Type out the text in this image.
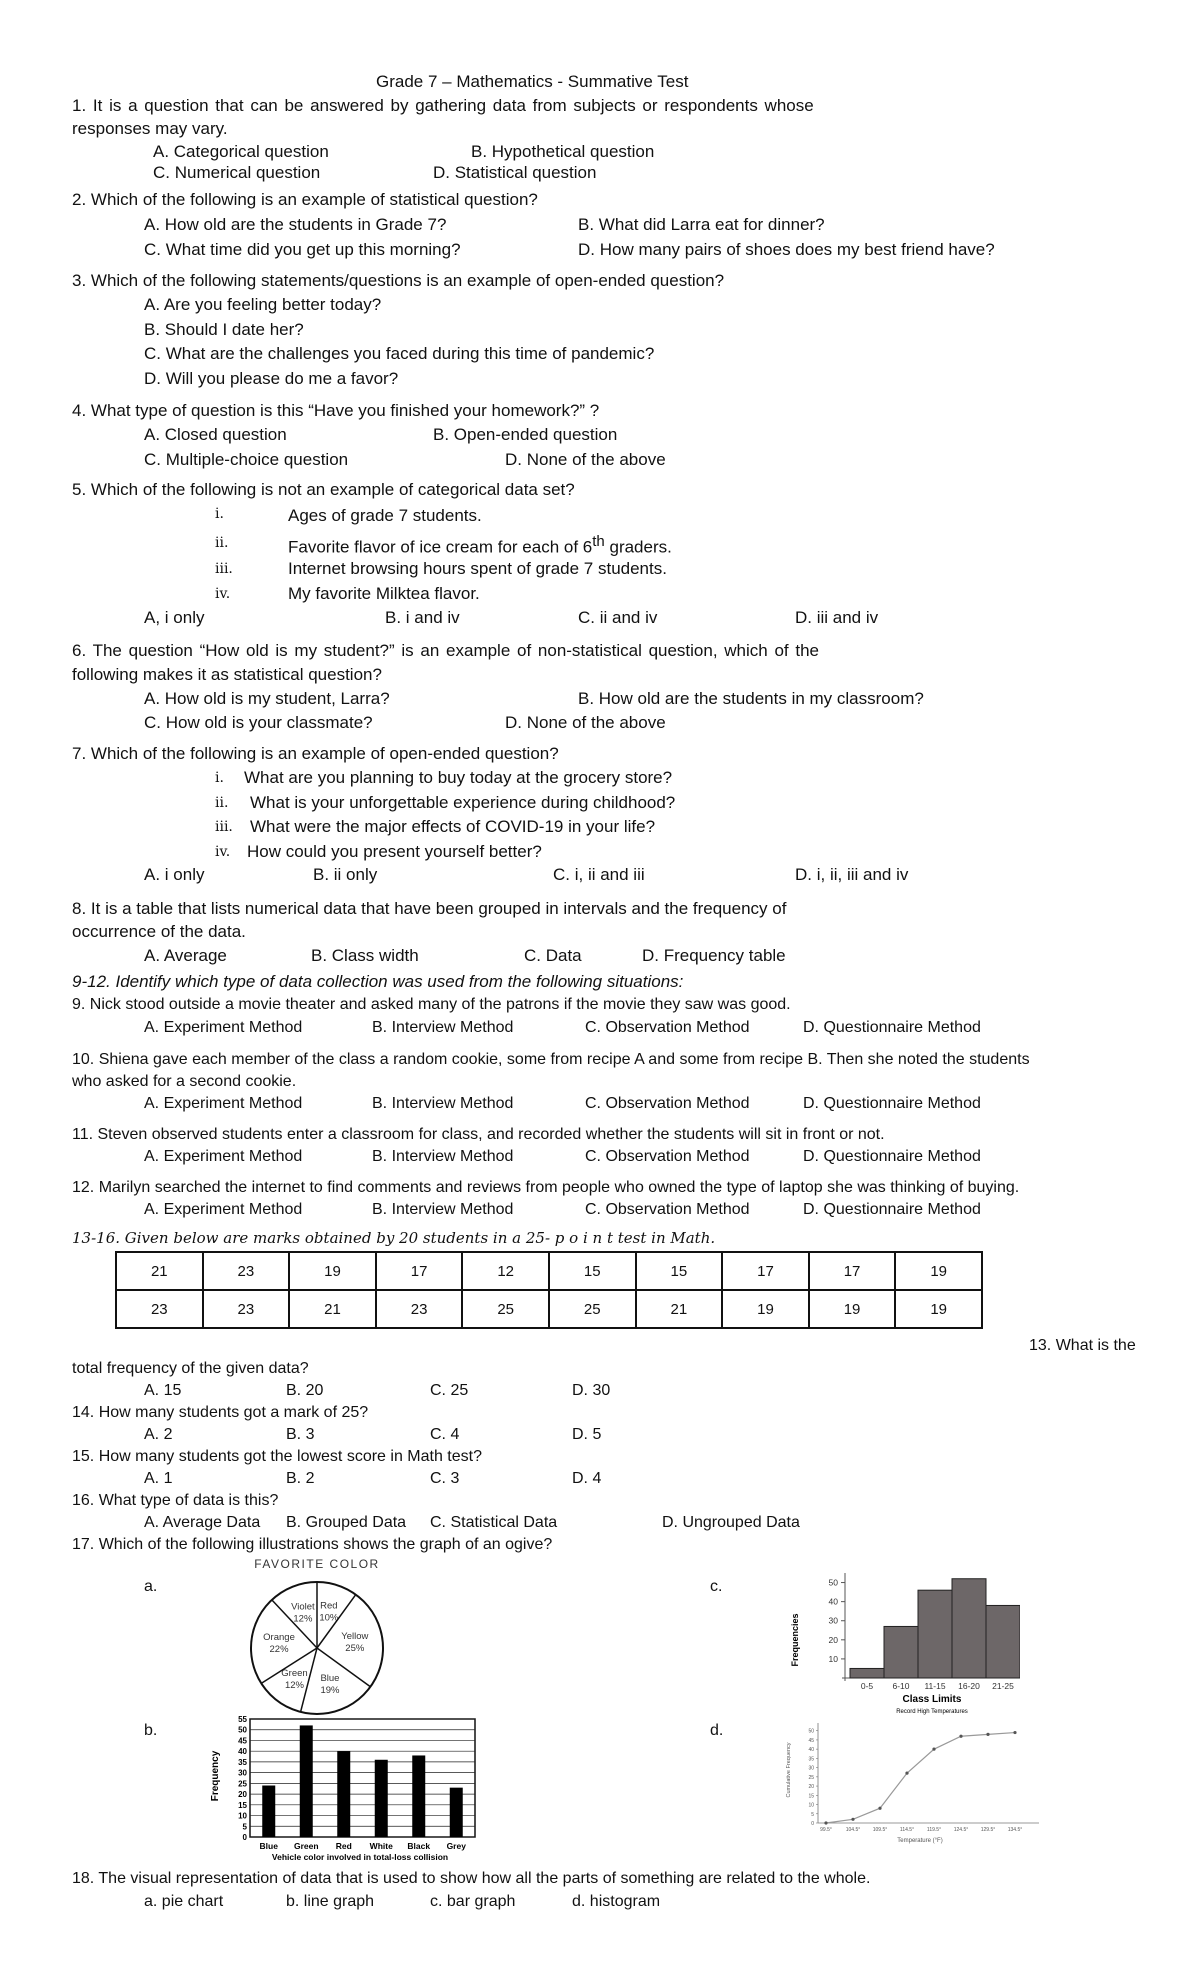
Grade 7 – Mathematics - Summative Test
1. It is a question that can be answered by gathering data from subjects or respondents whose
responses may vary.
A. Categorical question	B. Hypothetical question
C. Numerical question	D. Statistical question
2. Which of the following is an example of statistical question?
A. How old are the students in Grade 7?	B. What did Larra eat for dinner?
C. What time did you get up this morning?	D. How many pairs of shoes does my best friend have?
3. Which of the following statements/questions is an example of open-ended question?
A. Are you feeling better today?
B. Should I date her?
C. What are the challenges you faced during this time of pandemic?
D. Will you please do me a favor?
4. What type of question is this “Have you finished your homework?” ?
A. Closed question	B. Open-ended question
C. Multiple-choice question	D. None of the above
5. Which of the following is not an example of categorical data set?
i.	Ages of grade 7 students.
ii.	Favorite flavor of ice cream for each of 6th graders.
iii.	Internet browsing hours spent of grade 7 students.
iv.	My favorite Milktea flavor.
A, i only	B. i and iv	C. ii and iv	D. iii and iv
6. The question “How old is my student?” is an example of non-statistical question, which of the
following makes it as statistical question?
A. How old is my student, Larra?	B. How old are the students in my classroom?
C. How old is your classmate?	D. None of the above
7. Which of the following is an example of open-ended question?
i. What are you planning to buy today at the grocery store?
ii. What is your unforgettable experience during childhood?
iii. What were the major effects of COVID-19 in your life?
iv. How could you present yourself better?
A. i only	B. ii only	C. i, ii and iii	D. i, ii, iii and iv
8. It is a table that lists numerical data that have been grouped in intervals and the frequency of
occurrence of the data.
A. Average	B. Class width	C. Data	D. Frequency table
9-12. Identify which type of data collection was used from the following situations:
9. Nick stood outside a movie theater and asked many of the patrons if the movie they saw was good.
A. Experiment Method	B. Interview Method	C. Observation Method	D. Questionnaire Method
10. Shiena gave each member of the class a random cookie, some from recipe A and some from recipe B. Then she noted the students
who asked for a second cookie.
A. Experiment Method	B. Interview Method	C. Observation Method	D. Questionnaire Method
11. Steven observed students enter a classroom for class, and recorded whether the students will sit in front or not.
A. Experiment Method	B. Interview Method	C. Observation Method	D. Questionnaire Method
12. Marilyn searched the internet to find comments and reviews from people who owned the type of laptop she was thinking of buying.
A. Experiment Method	B. Interview Method	C. Observation Method	D. Questionnaire Method
13-16. Given below are marks obtained by 20 students in a 25- p o i n t test in Math.
21	23	19	17	12	15	15	17	17	19
23	23	21	23	25	25	21	19	19	19
13. What is the
total frequency of the given data?
A. 15	B. 20	C. 25	D. 30
14. How many students got a mark of 25?
A. 2	B. 3	C. 4	D. 5
15. How many students got the lowest score in Math test?
A. 1	B. 2	C. 3	D. 4
16. What type of data is this?
A. Average Data B. Grouped Data C. Statistical Data	D. Ungrouped Data
17. Which of the following illustrations shows the graph of an ogive?
a.
b.
c.
d.
FAVORITE COLOR
Red
10%
Yellow
25%
Blue
19%
Green
12%
Orange
22%
Violet
12%
Frequency
55
50
45
40
35
30
25
20
15
10
5
0
Blue Green Red White Black Grey
Vehicle color involved in total-loss collision
Frequencies
50
40
30
20
10
0-5 6-10 11-15 16-20 21-25
Class Limits
Record High Temperatures
Cumulative Frequency
50
45
40
35
30
25
20
15
10
5
0
99.5°	104.5° 109.5°	114.5°	119.5°	124.5° 129.5° 134.5°
Temperature (°F)
18. The visual representation of data that is used to show how all the parts of something are related to the whole.
a. pie chart	b. line graph	c. bar graph	d. histogram
